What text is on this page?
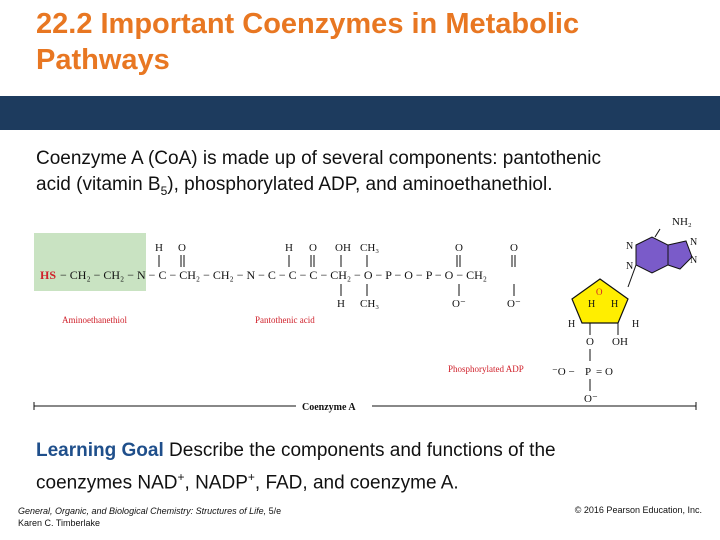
22.2 Important Coenzymes in Metabolic
Pathways
Coenzyme A (CoA) is made up of several components: pantothenic
acid (vitamin $B_5$), phosphorylated ADP, and aminoethanethiol.
HS − CH₂ − CH₂ − N − C − CH₂ − CH₂ − N − C − C − C − CH₂ − O − P − O − P − O − CH₂
H O	H O OH CH₃	O	O
H CH₃	O⁻	O⁻
Aminoethanethiol	Pantothenic acid
Phosphorylated ADP
O
H H
H	H
O OH
NH₂
N	N
N
N
⁻O − P = O
O⁻
Coenzyme A
Learning Goal Describe the components and functions of the
coenzymes NAD+, NADP+, FAD, and coenzyme A.
General, Organic, and Biological Chemistry: Structures of Life, 5/e
Karen C. Timberlake
© 2016 Pearson Education, Inc.
